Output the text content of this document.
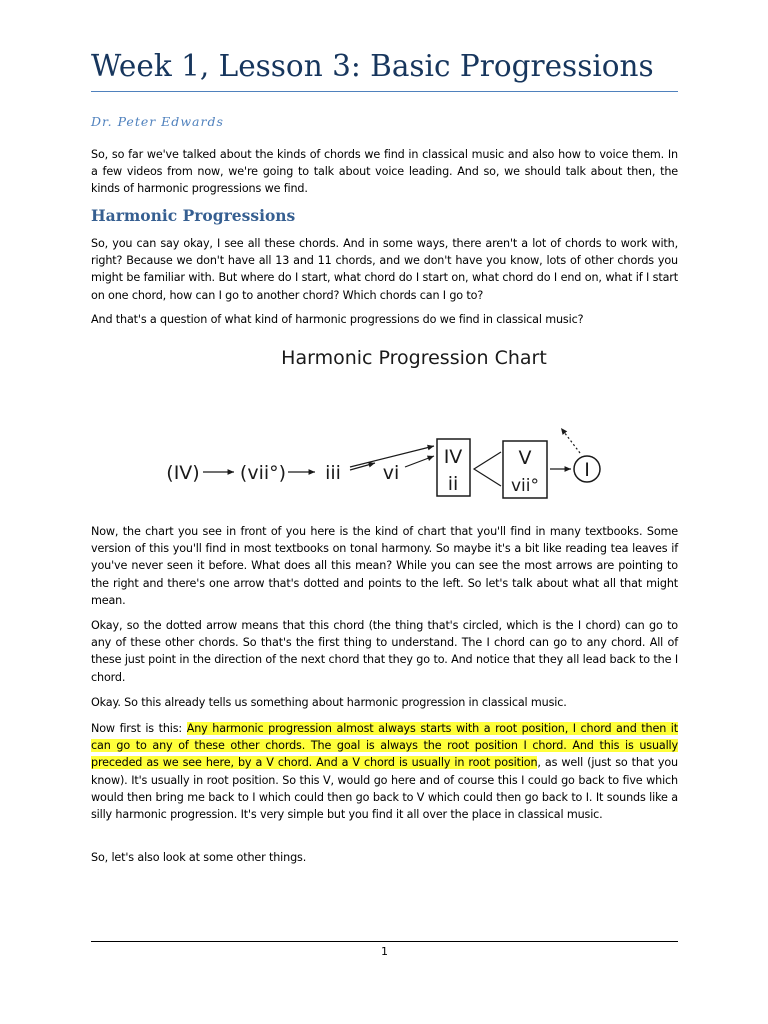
Week 1, Lesson 3: Basic Progressions

Dr. Peter Edwards

So, so far we've talked about the kinds of chords we find in classical music and also how to voice them. In a few videos from now, we're going to talk about voice leading. And so, we should talk about then, the kinds of harmonic progressions we find.

Harmonic Progressions

So, you can say okay, I see all these chords. And in some ways, there aren't a lot of chords to work with, right? Because we don't have all 13 and 11 chords, and we don't have you know, lots of other chords you might be familiar with. But where do I start, what chord do I start on, what chord do I end on, what if I start on one chord, how can I go to another chord? Which chords can I go to?

And that's a question of what kind of harmonic progressions do we find in classical music?

Harmonic Progression Chart
(IV) (vii°) iii vi
IV
ii
V
vii°
I

Now, the chart you see in front of you here is the kind of chart that you'll find in many textbooks. Some version of this you'll find in most textbooks on tonal harmony. So maybe it's a bit like reading tea leaves if you've never seen it before. What does all this mean? While you can see the most arrows are pointing to the right and there's one arrow that's dotted and points to the left. So let's talk about what all that might mean.

Okay, so the dotted arrow means that this chord (the thing that's circled, which is the I chord) can go to any of these other chords. So that's the first thing to understand. The I chord can go to any chord. All of these just point in the direction of the next chord that they go to. And notice that they all lead back to the I chord.

Okay. So this already tells us something about harmonic progression in classical music.

Now first is this: Any harmonic progression almost always starts with a root position, I chord and then it can go to any of these other chords. The goal is always the root position I chord. And this is usually preceded as we see here, by a V chord. And a V chord is usually in root position, as well (just so that you know). It's usually in root position. So this V, would go here and of course this I could go back to five which would then bring me back to I which could then go back to V which could then go back to I. It sounds like a silly harmonic progression. It's very simple but you find it all over the place in classical music.

So, let's also look at some other things.

1
